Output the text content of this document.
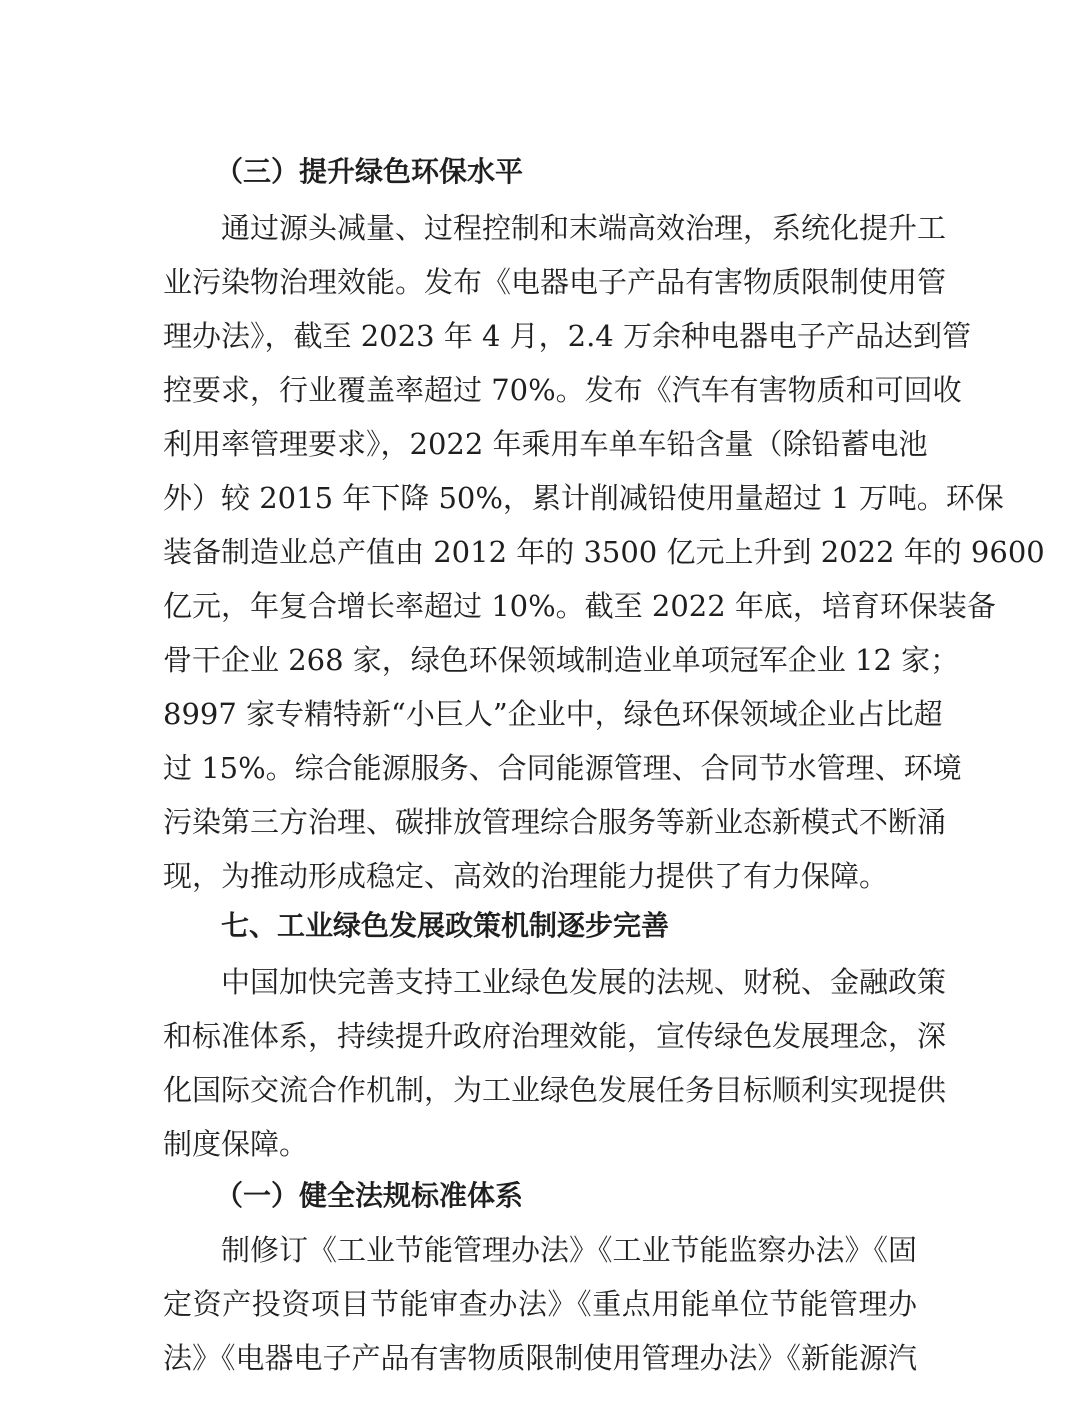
（三）提升绿色环保水平
通过源头减量、过程控制和末端高效治理，系统化提升工
业污染物治理效能。发布《电器电子产品有害物质限制使用管
理办法》，截至 2023 年 4 月，2.4 万余种电器电子产品达到管
控要求，行业覆盖率超过 70%。发布《汽车有害物质和可回收
利用率管理要求》，2022 年乘用车单车铅含量（除铅蓄电池
外）较 2015 年下降 50%，累计削减铅使用量超过 1 万吨。环保
装备制造业总产值由 2012 年的 3500 亿元上升到 2022 年的 9600
亿元，年复合增长率超过 10%。截至 2022 年底，培育环保装备
骨干企业 268 家，绿色环保领域制造业单项冠军企业 12 家；
8997 家专精特新“小巨人”企业中，绿色环保领域企业占比超
过 15%。综合能源服务、合同能源管理、合同节水管理、环境
污染第三方治理、碳排放管理综合服务等新业态新模式不断涌
现，为推动形成稳定、高效的治理能力提供了有力保障。
七、工业绿色发展政策机制逐步完善
中国加快完善支持工业绿色发展的法规、财税、金融政策
和标准体系，持续提升政府治理效能，宣传绿色发展理念，深
化国际交流合作机制，为工业绿色发展任务目标顺利实现提供
制度保障。
（一）健全法规标准体系
制修订《工业节能管理办法》《工业节能监察办法》《固
定资产投资项目节能审查办法》《重点用能单位节能管理办
法》《电器电子产品有害物质限制使用管理办法》《新能源汽
